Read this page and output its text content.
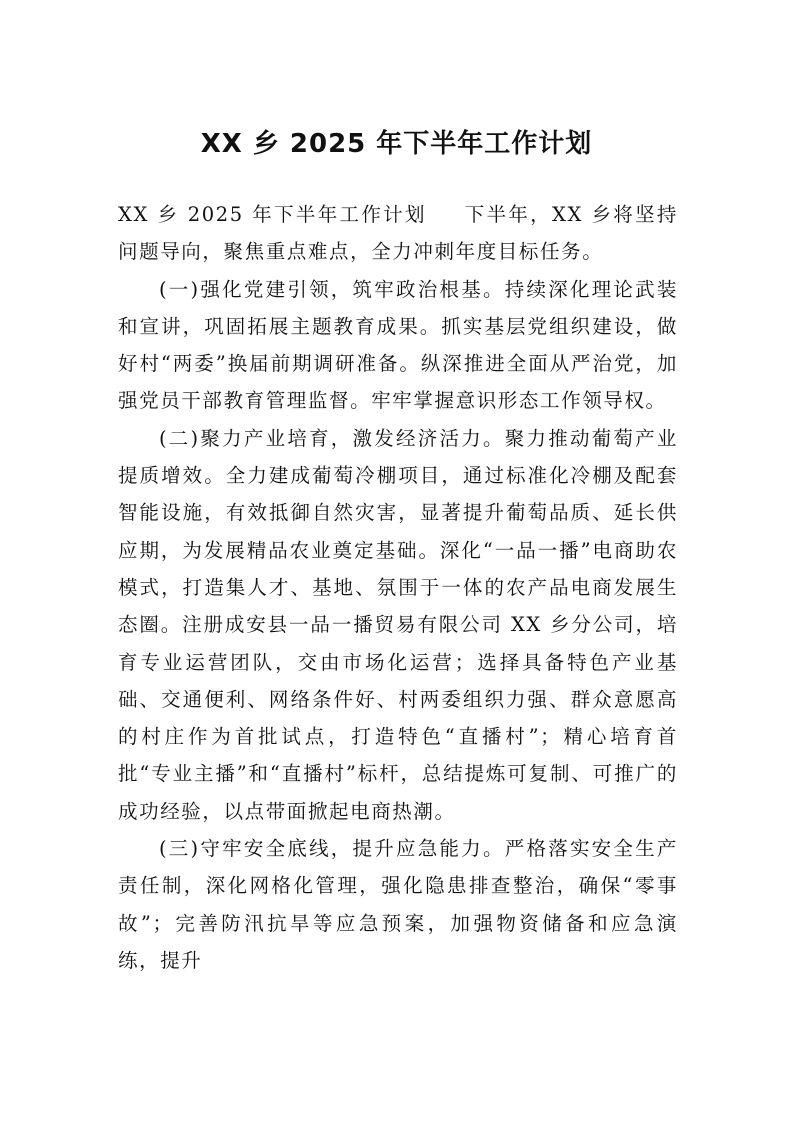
XX 乡 2025 年下半年工作计划

XX 乡 2025 年下半年工作计划 下半年，XX 乡将坚持问题导向，聚焦重点难点，全力冲刺年度目标任务。

(一)强化党建引领，筑牢政治根基。持续深化理论武装和宣讲，巩固拓展主题教育成果。抓实基层党组织建设，做好村“两委”换届前期调研准备。纵深推进全面从严治党，加强党员干部教育管理监督。牢牢掌握意识形态工作领导权。

(二)聚力产业培育，激发经济活力。聚力推动葡萄产业提质增效。全力建成葡萄冷棚项目，通过标准化冷棚及配套智能设施，有效抵御自然灾害，显著提升葡萄品质、延长供应期，为发展精品农业奠定基础。深化“一品一播”电商助农模式，打造集人才、基地、氛围于一体的农产品电商发展生态圈。注册成安县一品一播贸易有限公司 XX 乡分公司，培育专业运营团队，交由市场化运营；选择具备特色产业基础、交通便利、网络条件好、村两委组织力强、群众意愿高的村庄作为首批试点，打造特色“直播村”；精心培育首批“专业主播”和“直播村”标杆，总结提炼可复制、可推广的成功经验，以点带面掀起电商热潮。

(三)守牢安全底线，提升应急能力。严格落实安全生产责任制，深化网格化管理，强化隐患排查整治，确保“零事故”；完善防汛抗旱等应急预案，加强物资储备和应急演练，提升
